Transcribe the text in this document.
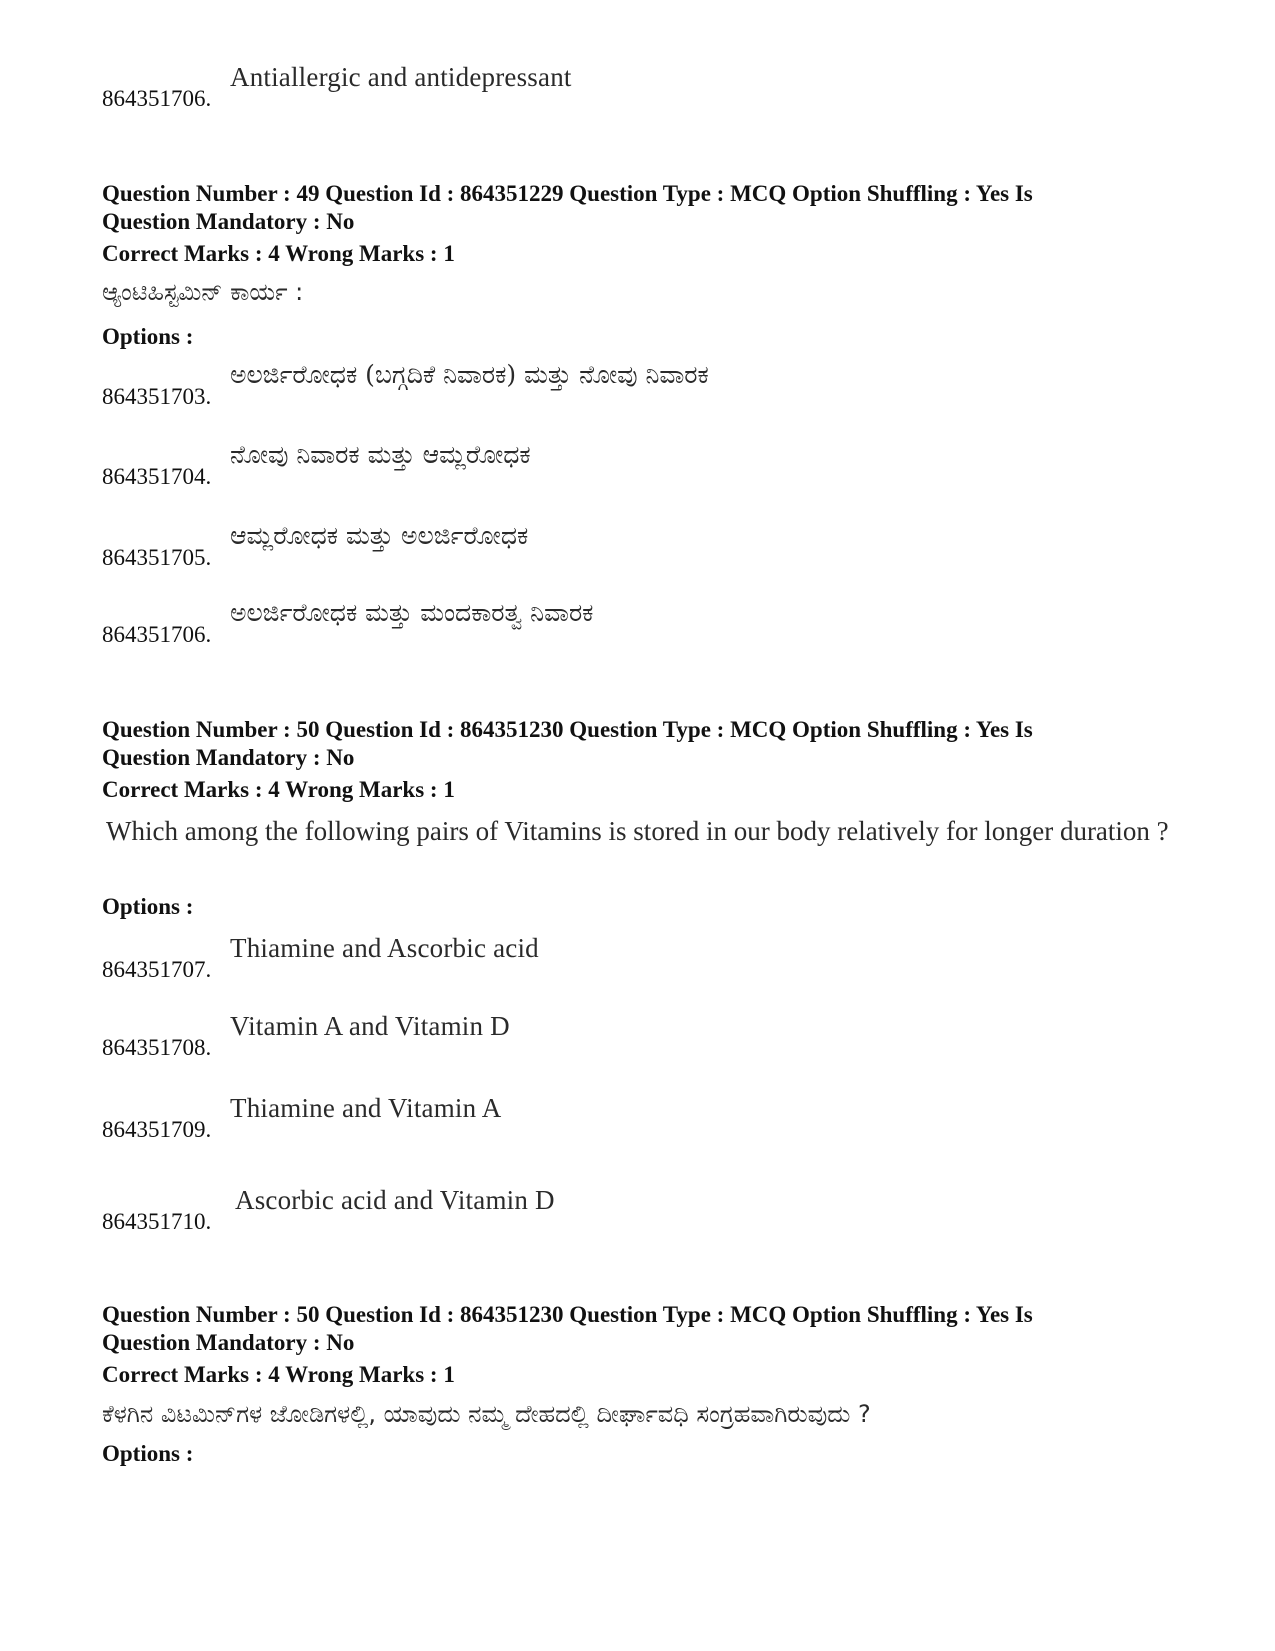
864351706.
Antiallergic and antidepressant

Question Number : 49 Question Id : 864351229 Question Type : MCQ Option Shuffling : Yes Is

Question Mandatory : No

Correct Marks : 4 Wrong Marks : 1

ಆ್ಯಂಟಿಹಿಸ್ಟಮಿನ್ ಕಾರ್ಯ :
Options :
864351703.
ಅಲರ್ಜಿರೋಧಕ (ಬಗ್ಗದಿಕೆ ನಿವಾರಕ) ಮತ್ತು ನೋವು ನಿವಾರಕ
864351704.
ನೋವು ನಿವಾರಕ ಮತ್ತು ಆಮ್ಲರೋಧಕ
864351705.
ಆಮ್ಲರೋಧಕ ಮತ್ತು ಅಲರ್ಜಿರೋಧಕ
864351706.
ಅಲರ್ಜಿರೋಧಕ ಮತ್ತು ಮಂದಕಾರತ್ವ ನಿವಾರಕ

Question Number : 50 Question Id : 864351230 Question Type : MCQ Option Shuffling : Yes Is

Question Mandatory : No

Correct Marks : 4 Wrong Marks : 1

Which among the following pairs of Vitamins is stored in our body relatively for longer duration ?
Options :
864351707.
Thiamine and Ascorbic acid
864351708.
Vitamin A and Vitamin D
864351709.
Thiamine and Vitamin A
864351710.
Ascorbic acid and Vitamin D

Question Number : 50 Question Id : 864351230 Question Type : MCQ Option Shuffling : Yes Is

Question Mandatory : No

Correct Marks : 4 Wrong Marks : 1

ಕೆಳಗಿನ ವಿಟಮಿನ್‌ಗಳ ಜೋಡಿಗಳಲ್ಲಿ, ಯಾವುದು ನಮ್ಮ ದೇಹದಲ್ಲಿ ದೀರ್ಘಾವಧಿ ಸಂಗ್ರಹವಾಗಿರುವುದು ?
Options :
